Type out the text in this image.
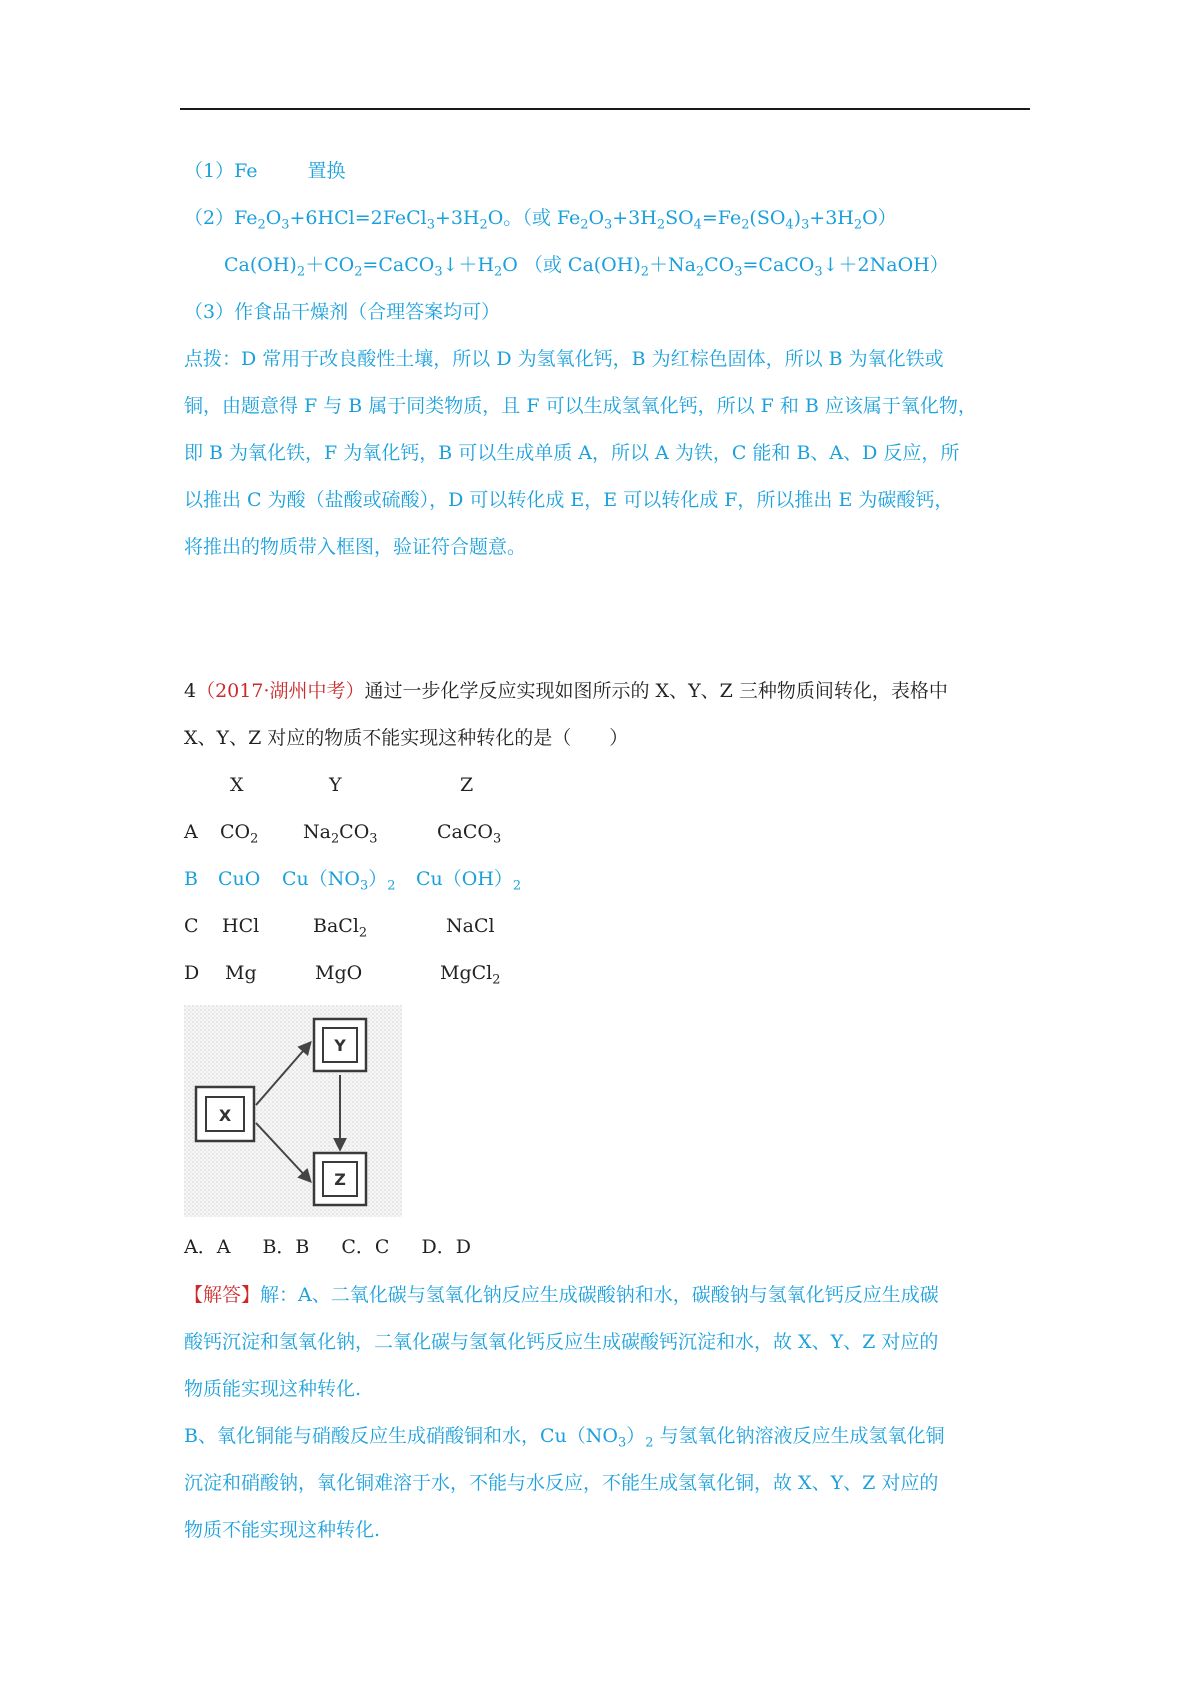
（1）Fe	置换
$(2)Fe_2O_3+6HCl=2FeCl_3+3H_2O$。（或 $Fe_2O_3+3H_2SO_4=Fe_2(SO_4)_3+3H_2O$）
$Ca(OH)_2+CO_2=CaCO_3↓+H_2O$ （或 $Ca(OH)_2+Na_2CO_3=CaCO_3↓+2NaOH$）
（3）作食品干燥剂（合理答案均可）
点拨：D 常用于改良酸性土壤，所以 D 为氢氧化钙，B 为红棕色固体，所以 B 为氧化铁或
铜，由题意得 F 与 B 属于同类物质，且 F 可以生成氢氧化钙，所以 F 和 B 应该属于氧化物，
即 B 为氧化铁，F 为氧化钙，B 可以生成单质 A，所以 A 为铁，C 能和 B、A、D 反应，所
以推出 C 为酸（盐酸或硫酸），D 可以转化成 E，E 可以转化成 F，所以推出 E 为碳酸钙，
将推出的物质带入框图，验证符合题意。
4（2017·湖州中考）通过一步化学反应实现如图所示的 X、Y、Z 三种物质间转化，表格中
X、Y、Z 对应的物质不能实现这种转化的是（　　）
X	Y	Z
A $CO_2$ $Na_2CO_3$	CaCO$_3$
B CuO $Cu(NO_3)_2$ $Cu(OH)_2$
C HCl	BaCl$_2$	NaCl
D Mg	MgO	MgCl$_2$
X
Y
Z
A．A B．B C．C D．D
【解答】解：A、二氧化碳与氢氧化钠反应生成碳酸钠和水，碳酸钠与氢氧化钙反应生成碳
酸钙沉淀和氢氧化钠，二氧化碳与氢氧化钙反应生成碳酸钙沉淀和水，故 X、Y、Z 对应的
物质能实现这种转化.
B、氧化铜能与硝酸反应生成硝酸铜和水，$Cu(NO_3)_2$ 与氢氧化钠溶液反应生成氢氧化铜
沉淀和硝酸钠，氧化铜难溶于水，不能与水反应，不能生成氢氧化铜，故 X、Y、Z 对应的
物质不能实现这种转化.
